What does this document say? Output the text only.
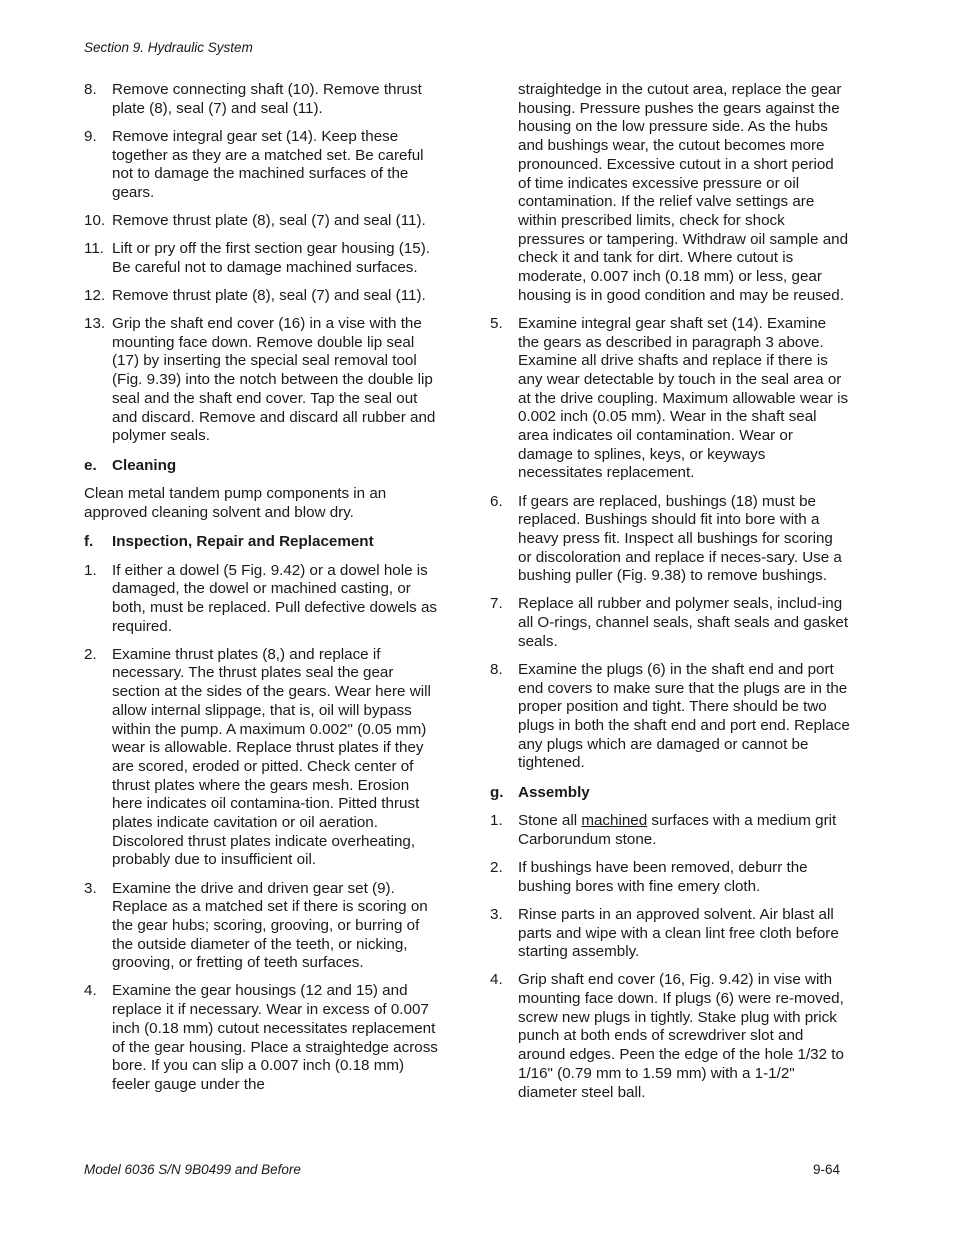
Section 9. Hydraulic System
8.	Remove connecting shaft (10). Remove thrust plate (8), seal (7) and seal (11).
9.	Remove integral gear set (14). Keep these together as they are a matched set. Be careful not to damage the machined surfaces of the gears.
10. Remove thrust plate (8), seal (7) and seal (11).
11. Lift or pry off the first section gear housing (15). Be careful not to damage machined surfaces.
12. Remove thrust plate (8), seal (7) and seal (11).
13. Grip the shaft end cover (16) in a vise with the mounting face down. Remove double lip seal (17) by inserting the special seal removal tool (Fig. 9.39) into the notch between the double lip seal and the shaft end cover. Tap the seal out and discard. Remove and discard all rubber and polymer seals.
e.	Cleaning
Clean metal tandem pump components in an approved cleaning solvent and blow dry.
f.	Inspection, Repair and Replacement
1.	If either a dowel (5 Fig. 9.42) or a dowel hole is damaged, the dowel or machined casting, or both, must be replaced. Pull defective dowels as required.
2.	Examine thrust plates (8,) and replace if necessary. The thrust plates seal the gear section at the sides of the gears. Wear here will allow internal slippage, that is, oil will bypass within the pump. A maximum 0.002" (0.05 mm) wear is allowable. Replace thrust plates if they are scored, eroded or pitted. Check center of thrust plates where the gears mesh. Erosion here indicates oil contamina-tion. Pitted thrust plates indicate cavitation or oil aeration. Discolored thrust plates indicate overheating, probably due to insufficient oil.
3.	Examine the drive and driven gear set (9). Replace as a matched set if there is scoring on the gear hubs; scoring, grooving, or burring of the outside diameter of the teeth, or nicking, grooving, or fretting of teeth surfaces.
4.	Examine the gear housings (12 and 15) and replace it if necessary. Wear in excess of 0.007 inch (0.18 mm) cutout necessitates replacement of the gear housing. Place a straightedge across bore. If you can slip a 0.007 inch (0.18 mm) feeler gauge under the
straightedge in the cutout area, replace the gear housing. Pressure pushes the gears against the housing on the low pressure side. As the hubs and bushings wear, the cutout becomes more pronounced. Excessive cutout in a short period of time indicates excessive pressure or oil contamination. If the relief valve settings are within prescribed limits, check for shock pressures or tampering. Withdraw oil sample and check it and tank for dirt. Where cutout is moderate, 0.007 inch (0.18 mm) or less, gear housing is in good condition and may be reused.
5.	Examine integral gear shaft set (14). Examine the gears as described in paragraph 3 above. Examine all drive shafts and replace if there is any wear detectable by touch in the seal area or at the drive coupling. Maximum allowable wear is 0.002 inch (0.05 mm). Wear in the shaft seal area indicates oil contamination. Wear or damage to splines, keys, or keyways necessitates replacement.
6.	If gears are replaced, bushings (18) must be replaced. Bushings should fit into bore with a heavy press fit. Inspect all bushings for scoring or discoloration and replace if neces-sary. Use a bushing puller (Fig. 9.38) to remove bushings.
7.	Replace all rubber and polymer seals, includ-ing all O-rings, channel seals, shaft seals and gasket seals.
8.	Examine the plugs (6) in the shaft end and port end covers to make sure that the plugs are in the proper position and tight. There should be two plugs in both the shaft end and port end. Replace any plugs which are damaged or cannot be tightened.
g. Assembly
1.	Stone all machined surfaces with a medium grit Carborundum stone.
2.	If bushings have been removed, deburr the bushing bores with fine emery cloth.
3.	Rinse parts in an approved solvent. Air blast all parts and wipe with a clean lint free cloth before starting assembly.
4.	Grip shaft end cover (16, Fig. 9.42) in vise with mounting face down. If plugs (6) were re-moved, screw new plugs in tightly. Stake plug with prick punch at both ends of screwdriver slot and around edges. Peen the edge of the hole 1/32 to 1/16" (0.79 mm to 1.59 mm) with a 1-1/2" diameter steel ball.
Model 6036 S/N 9B0499 and Before	9-64
